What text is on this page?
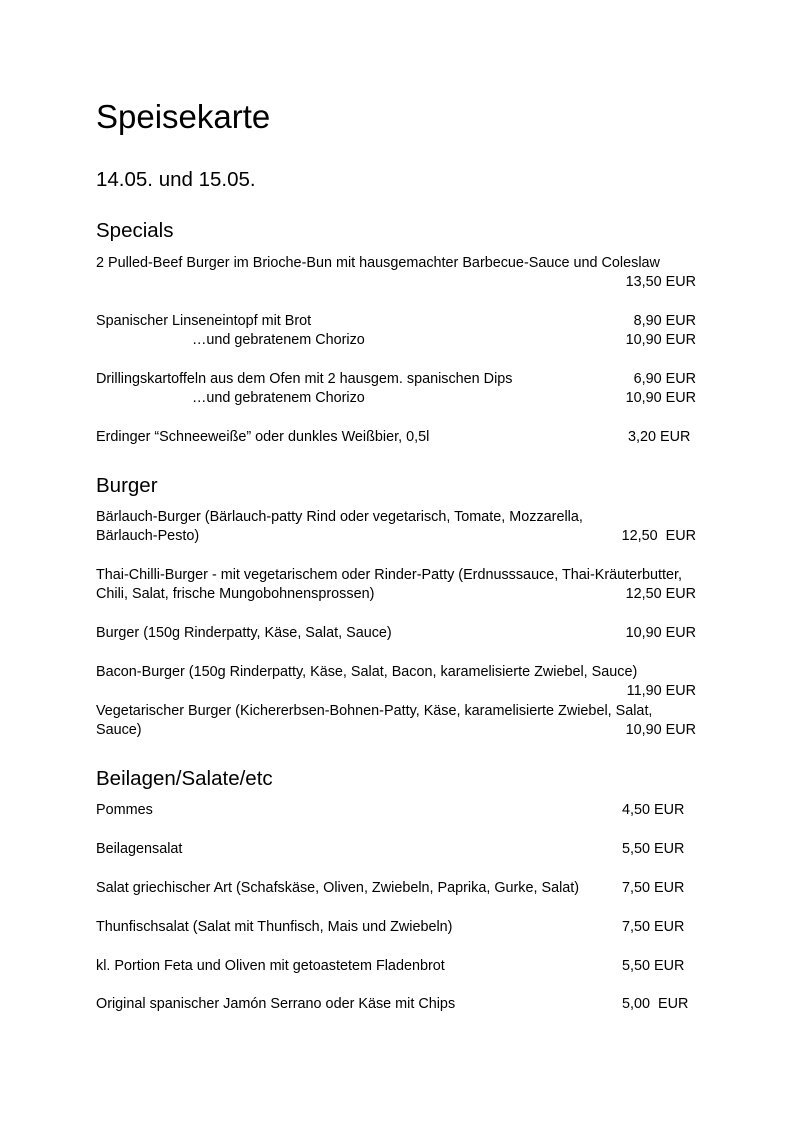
Speisekarte
14.05. und 15.05.
Specials
2 Pulled-Beef Burger im Brioche-Bun mit hausgemachter Barbecue-Sauce und Coleslaw
13,50 EUR
Spanischer Linseneintopf mit Brot	8,90 EUR
…und gebratenem Chorizo	10,90 EUR
Drillingskartoffeln aus dem Ofen mit 2 hausgem. spanischen Dips	6,90 EUR
…und gebratenem Chorizo	10,90 EUR
Erdinger “Schneeweiße” oder dunkles Weißbier, 0,5l	3,20 EUR
Burger
Bärlauch-Burger (Bärlauch-patty Rind oder vegetarisch, Tomate, Mozzarella,
Bärlauch-Pesto)	12,50  EUR
Thai-Chilli-Burger - mit vegetarischem oder Rinder-Patty (Erdnusssauce, Thai-Kräuterbutter,
Chili, Salat, frische Mungobohnensprossen)	12,50 EUR
Burger (150g Rinderpatty, Käse, Salat, Sauce)	10,90 EUR
Bacon-Burger (150g Rinderpatty, Käse, Salat, Bacon, karamelisierte Zwiebel, Sauce)
11,90 EUR
Vegetarischer Burger (Kichererbsen-Bohnen-Patty, Käse, karamelisierte Zwiebel, Salat,
Sauce)	10,90 EUR
Beilagen/Salate/etc
Pommes	4,50 EUR
Beilagensalat	5,50 EUR
Salat griechischer Art (Schafskäse, Oliven, Zwiebeln, Paprika, Gurke, Salat)	7,50 EUR
Thunfischsalat (Salat mit Thunfisch, Mais und Zwiebeln)	7,50 EUR
kl. Portion Feta und Oliven mit getoastetem Fladenbrot	5,50 EUR
Original spanischer Jamón Serrano oder Käse mit Chips	5,00  EUR
